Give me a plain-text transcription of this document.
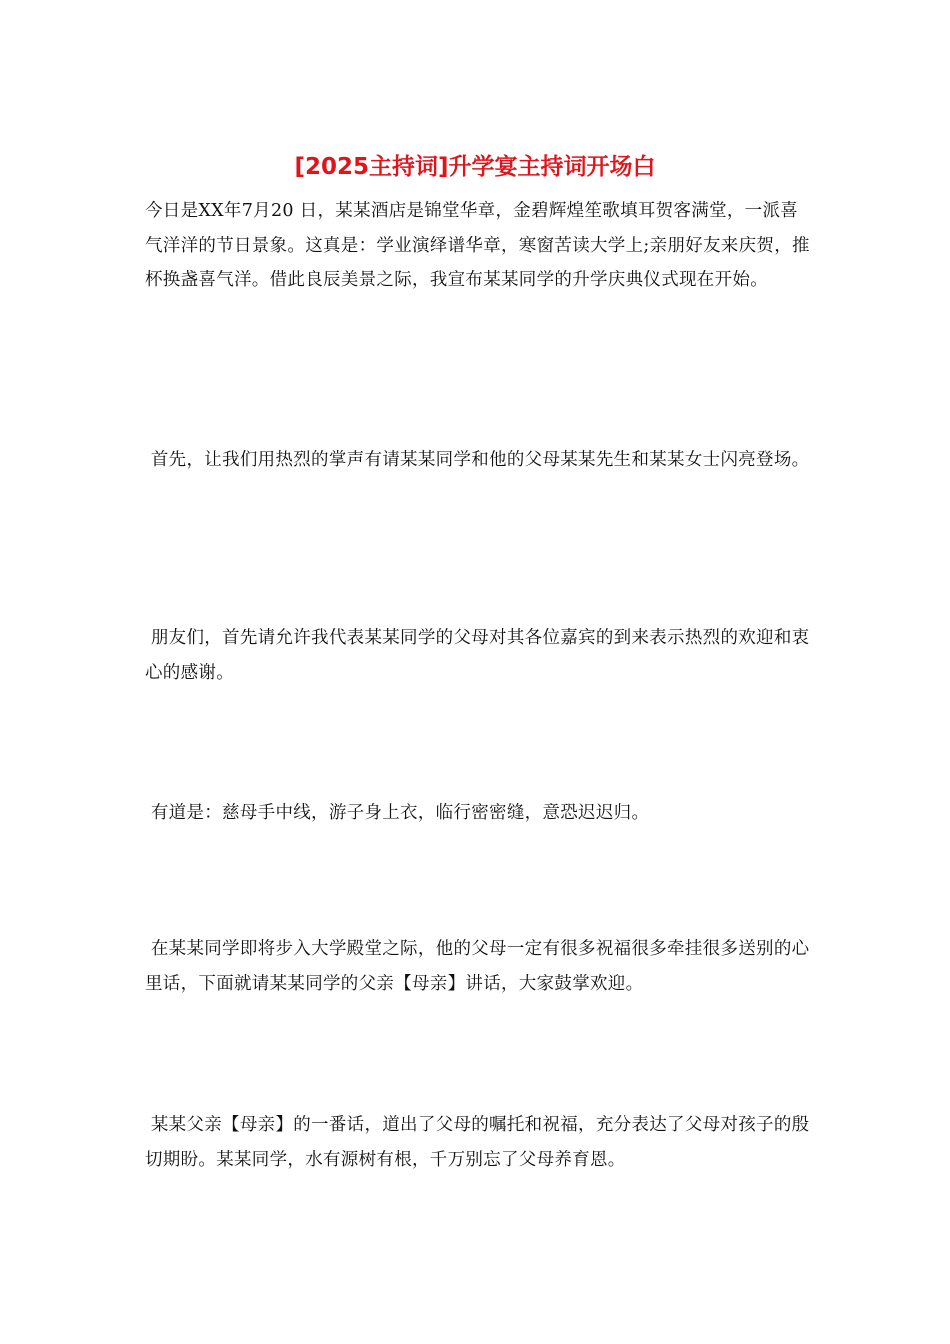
[2025主持词]升学宴主持词开场白

今日是XX年7月20 日，某某酒店是锦堂华章，金碧辉煌笙歌填耳贺客满堂，一派喜气洋洋的节日景象。这真是：学业演绎谱华章，寒窗苦读大学上;亲朋好友来庆贺，推杯换盏喜气洋。借此良辰美景之际，我宣布某某同学的升学庆典仪式现在开始。

首先，让我们用热烈的掌声有请某某同学和他的父母某某先生和某某女士闪亮登场。

朋友们，首先请允许我代表某某同学的父母对其各位嘉宾的到来表示热烈的欢迎和衷心的感谢。

有道是：慈母手中线，游子身上衣，临行密密缝，意恐迟迟归。

在某某同学即将步入大学殿堂之际，他的父母一定有很多祝福很多牵挂很多送别的心里话，下面就请某某同学的父亲【母亲】讲话，大家鼓掌欢迎。

某某父亲【母亲】的一番话，道出了父母的嘱托和祝福，充分表达了父母对孩子的殷切期盼。某某同学，水有源树有根，千万别忘了父母养育恩。
